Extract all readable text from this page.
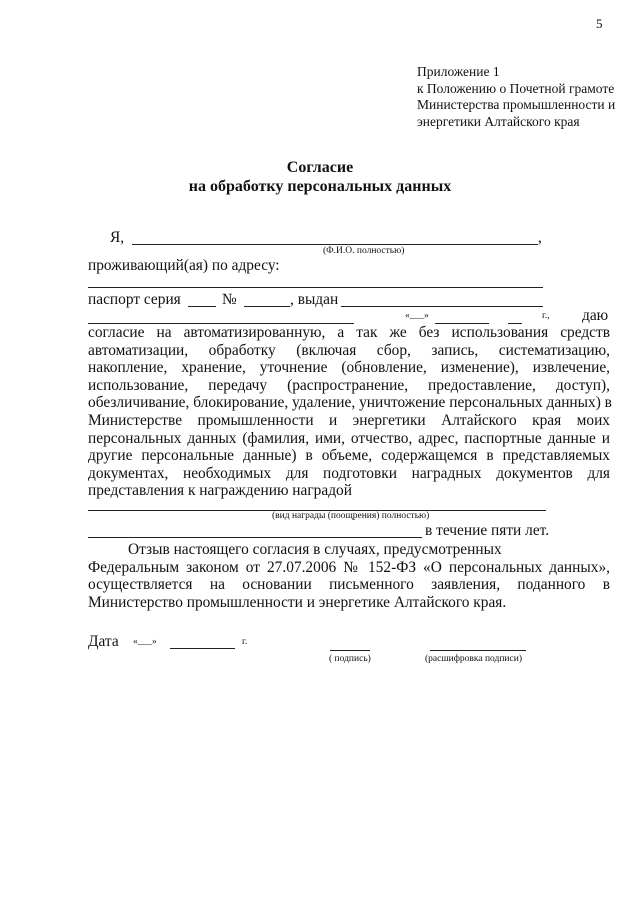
5
Приложение 1
к Положению о Почетной грамоте
Министерства промышленности и
энергетики Алтайского края
Согласие
на обработку персональных данных
Я,	,
(Ф.И.О. полностью)
проживающий(ая) по адресу:
паспорт серия	№	, выдан
«___»	г., даю
согласие на автоматизированную, а так же без использования средств
автоматизации, обработку (включая сбор, запись, систематизацию,
накопление, хранение, уточнение (обновление, изменение), извлечение,
использование, передачу (распространение, предоставление, доступ),
обезличивание, блокирование, удаление, уничтожение персональных данных) в
Министерстве промышленности и энергетики Алтайского края моих
персональных данных (фамилия, ими, отчество, адрес, паспортные данные и
другие персональные данные) в объеме, содержащемся в представляемых
документах, необходимых для подготовки наградных документов для
представления к награждению наградой
(вид награды (поощрения) полностью)
в течение пяти лет.
Отзыв настоящего согласия в случаях, предусмотренных
Федеральным законом от 27.07.2006 № 152-ФЗ «О персональных данных»,
осуществляется на основании письменного заявления, поданного в
Министерство промышленности и энергетике Алтайского края.
Дата «___»	г.
( подпись)	(расшифровка подписи)
